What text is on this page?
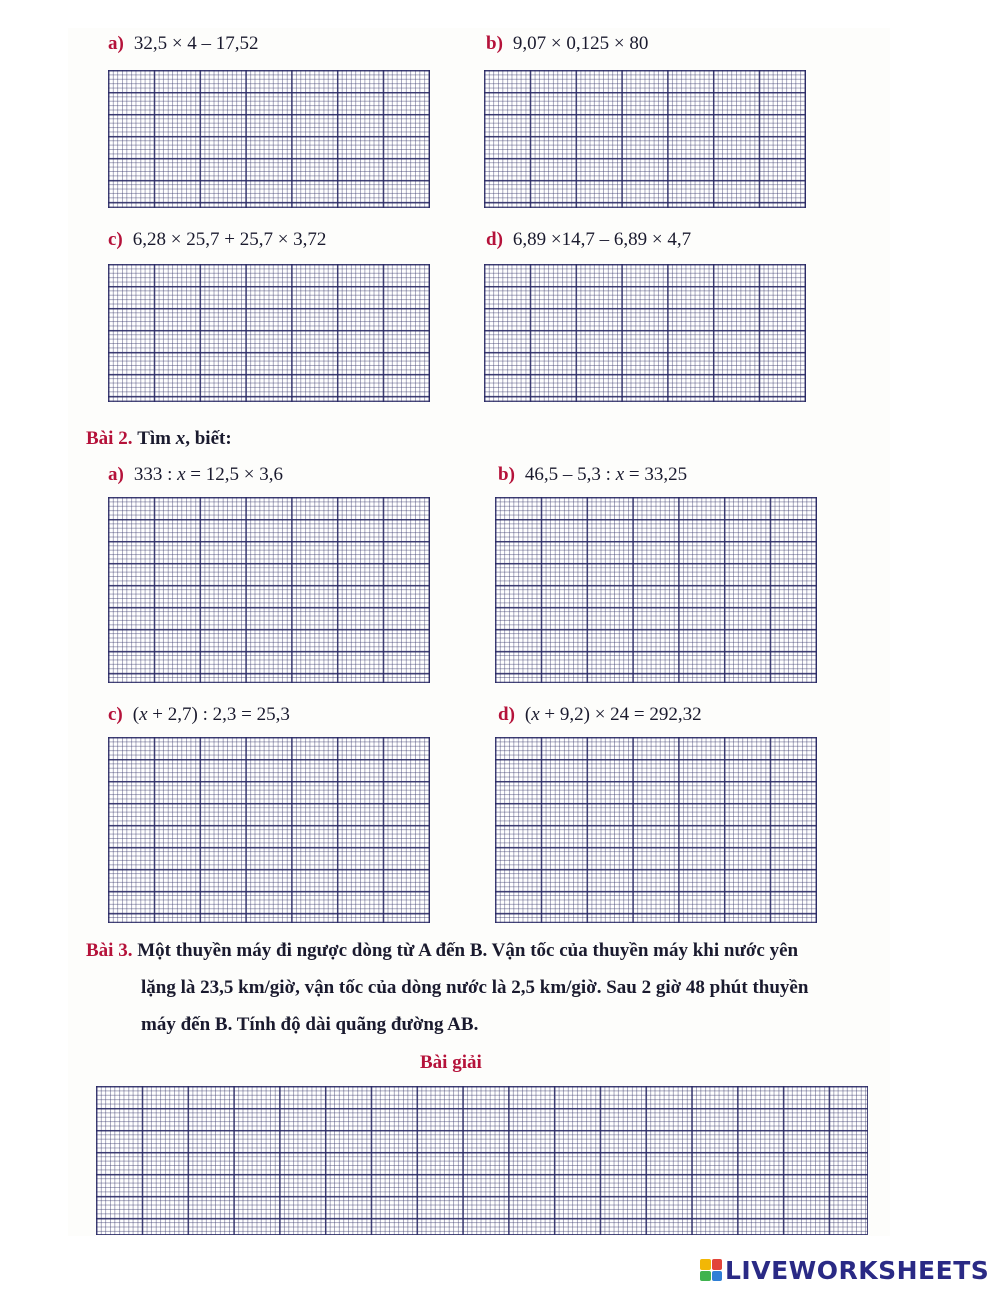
a) 32,5 × 4 – 17,52	b) 9,07 × 0,125 × 80
c) 6,28 × 25,7 + 25,7 × 3,72	d) 6,89 ×14,7 – 6,89 × 4,7
Bài 2. Tìm x, biết:
a) 333 : x = 12,5 × 3,6	b) 46,5 – 5,3 : x = 33,25
c) (x + 2,7) : 2,3 = 25,3	d) (x + 9,2) × 24 = 292,32
Bài 3. Một thuyền máy đi ngược dòng từ A đến B. Vận tốc của thuyền máy khi nước yên
lặng là 23,5 km/giờ, vận tốc của dòng nước là 2,5 km/giờ. Sau 2 giờ 48 phút thuyền
máy đến B. Tính độ dài quãng đường AB.
Bài giải
LIVEWORKSHEETS
